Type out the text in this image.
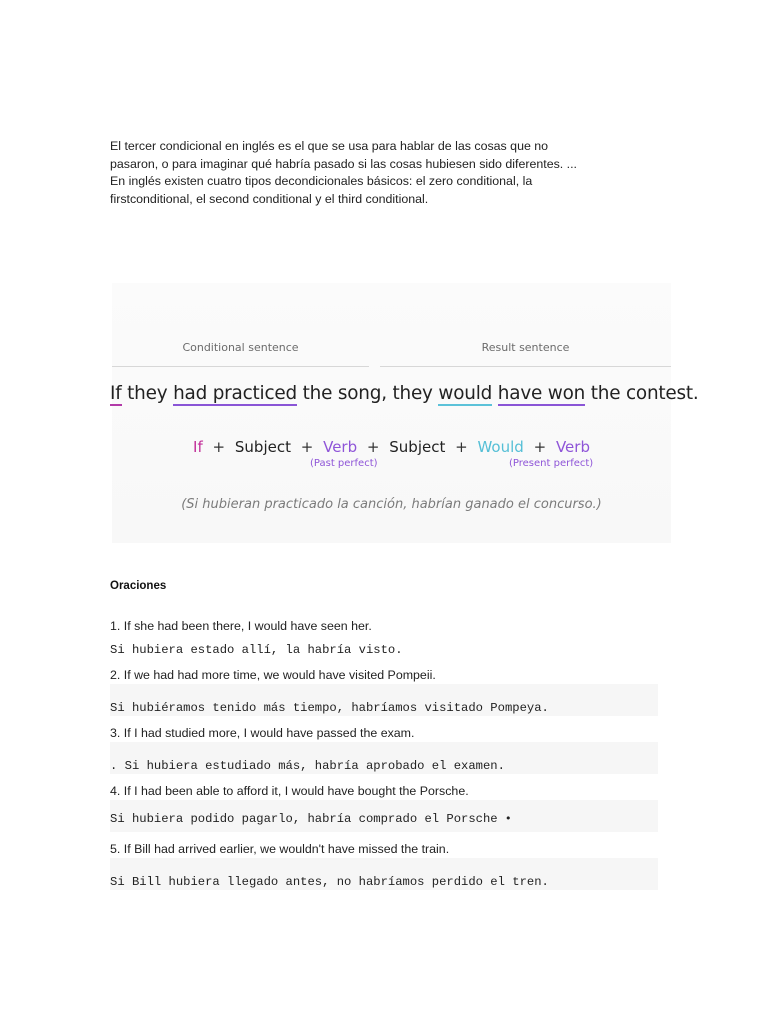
El tercer condicional en inglés es el que se usa para hablar de las cosas que no

pasaron, o para imaginar qué habría pasado si las cosas hubiesen sido diferentes. ...

En inglés existen cuatro tipos decondicionales básicos: el zero conditional, la

firstconditional, el second conditional y el third conditional.

Conditional sentence	Result sentence
If they had practiced the song, they would have won the contest.
If + Subject + Verb + Subject + Would + Verb
(Past perfect)	(Present perfect)
(Si hubieran practicado la canción, habrían ganado el concurso.)
Oraciones
1. If she had been there, I would have seen her.
Si hubiera estado allí, la habría visto.
2. If we had had more time, we would have visited Pompeii.
Si hubiéramos tenido más tiempo, habríamos visitado Pompeya.
3. If I had studied more, I would have passed the exam.
. Si hubiera estudiado más, habría aprobado el examen.
4. If I had been able to afford it, I would have bought the Porsche.
Si hubiera podido pagarlo, habría comprado el Porsche •
5. If Bill had arrived earlier, we wouldn't have missed the train.
Si Bill hubiera llegado antes, no habríamos perdido el tren.
